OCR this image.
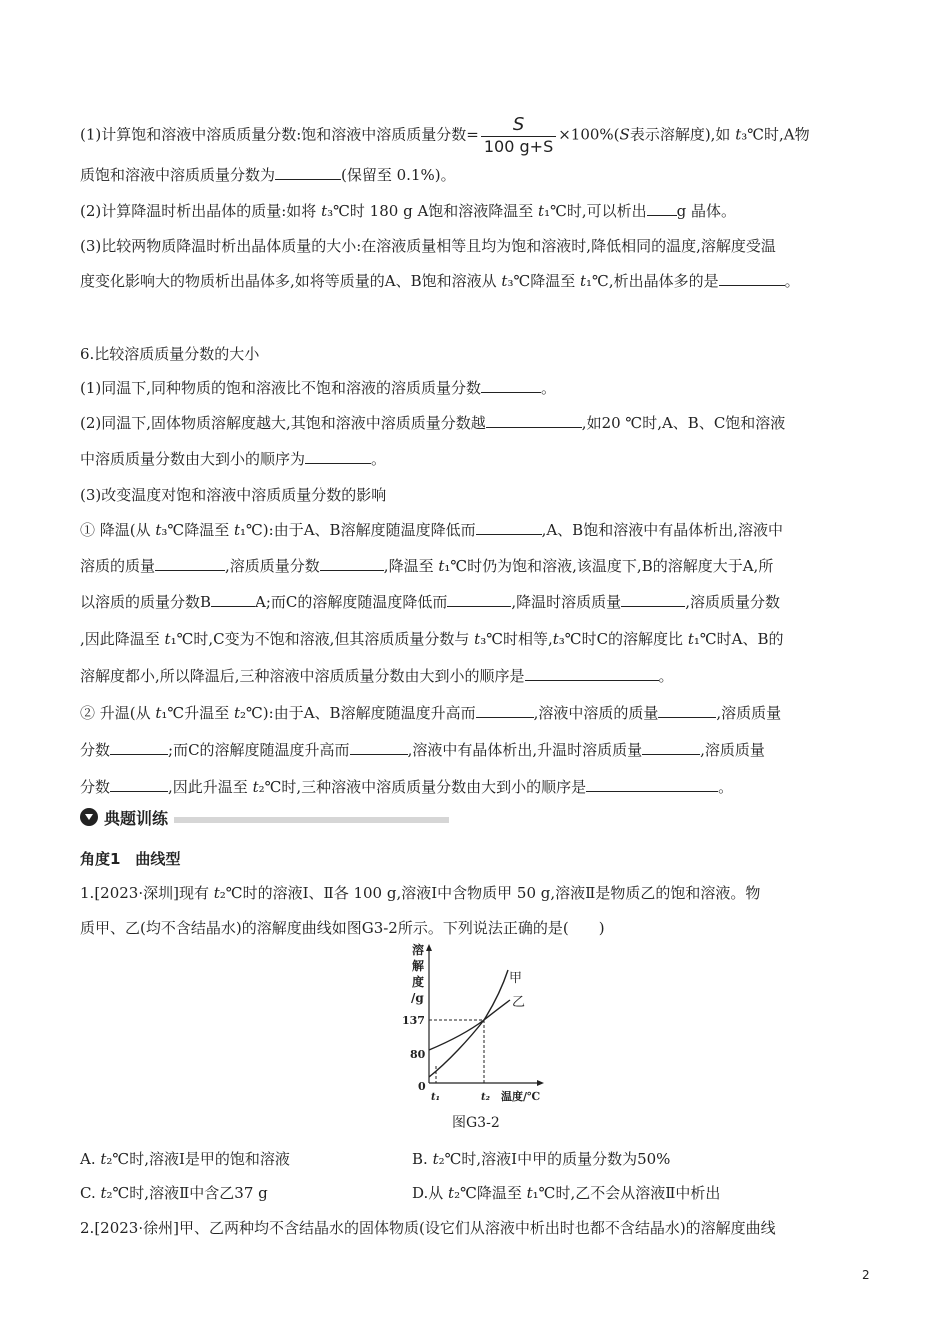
(1)计算饱和溶液中溶质质量分数:饱和溶液中溶质质量分数= $\frac{S}{100 g+S} \times 100\%(S$表示溶解度),如 t₃℃时,A物
质饱和溶液中溶质质量分数为	(保留至 0.1%)。
(2)计算降温时析出晶体的质量:如将 t₃℃时 180 g A饱和溶液降温至 t₁℃时,可以析出 g 晶体。
(3)比较两物质降温时析出晶体质量的大小:在溶液质量相等且均为饱和溶液时,降低相同的温度,溶解度受温
度变化影响大的物质析出晶体多,如将等质量的A、B饱和溶液从 t₃℃降温至 t₁℃,析出晶体多的是	。
6.比较溶质质量分数的大小
(1)同温下,同种物质的饱和溶液比不饱和溶液的溶质质量分数	。
(2)同温下,固体物质溶解度越大,其饱和溶液中溶质质量分数越	,如20 ℃时,A、B、C饱和溶液
中溶质质量分数由大到小的顺序为	。
(3)改变温度对饱和溶液中溶质质量分数的影响
① 降温(从 t₃℃降温至 t₁℃):由于A、B溶解度随温度降低而	,A、B饱和溶液中有晶体析出,溶液中
溶质的质量	,溶质质量分数	,降温至 t₁℃时仍为饱和溶液,该温度下,B的溶解度大于A,所
以溶质的质量分数B	A;而C的溶解度随温度降低而	,降温时溶质质量	,溶质质量分数
,因此降温至 t₁℃时,C变为不饱和溶液,但其溶质质量分数与 t₃℃时相等,t₃℃时C的溶解度比 t₁℃时A、B的
溶解度都小,所以降温后,三种溶液中溶质质量分数由大到小的顺序是	。
② 升温(从 t₁℃升温至 t₂℃):由于A、B溶解度随温度升高而	,溶液中溶质的质量	,溶质质量
分数	;而C的溶解度随温度升高而	,溶液中有晶体析出,升温时溶质质量	,溶质质量
分数	,因此升温至 t₂℃时,三种溶液中溶质质量分数由大到小的顺序是	。
典题训练
角度1　曲线型
1.[2023·深圳]现有 t₂℃时的溶液Ⅰ、Ⅱ各 100 g,溶液Ⅰ中含物质甲 50 g,溶液Ⅱ是物质乙的饱和溶液。物
质甲、乙(均不含结晶水)的溶解度曲线如图G3-2所示。下列说法正确的是(　　)
溶
解
度
/g
137
80
0
t₁	t₂ 温度/℃
甲
乙
图G3-2
A. t₂℃时,溶液Ⅰ是甲的饱和溶液	B. t₂℃时,溶液Ⅰ中甲的质量分数为50%
C. t₂℃时,溶液Ⅱ中含乙37 g	D.从 t₂℃降温至 t₁℃时,乙不会从溶液Ⅱ中析出
2.[2023·徐州]甲、乙两种均不含结晶水的固体物质(设它们从溶液中析出时也都不含结晶水)的溶解度曲线
2
